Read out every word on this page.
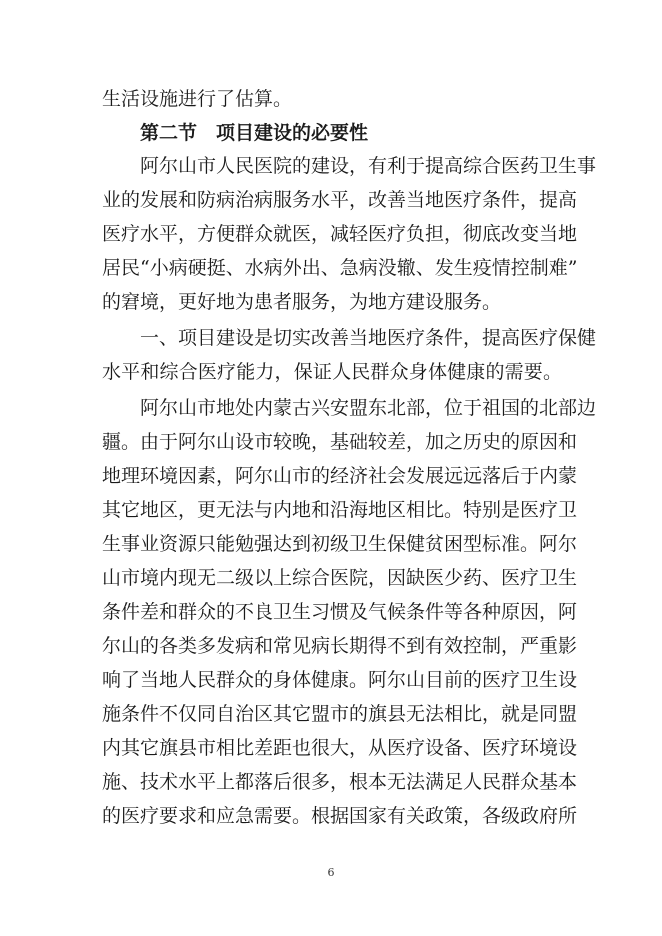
生活设施进行了估算。
第二节　项目建设的必要性
阿尔山市人民医院的建设，有利于提高综合医药卫生事
业的发展和防病治病服务水平，改善当地医疗条件，提高
医疗水平，方便群众就医，减轻医疗负担，彻底改变当地
居民“小病硬挺、水病外出、急病没辙、发生疫情控制难”
的窘境，更好地为患者服务，为地方建设服务。
一、项目建设是切实改善当地医疗条件，提高医疗保健
水平和综合医疗能力，保证人民群众身体健康的需要。
阿尔山市地处内蒙古兴安盟东北部，位于祖国的北部边
疆。由于阿尔山设市较晚，基础较差，加之历史的原因和
地理环境因素，阿尔山市的经济社会发展远远落后于内蒙
其它地区，更无法与内地和沿海地区相比。特别是医疗卫
生事业资源只能勉强达到初级卫生保健贫困型标准。阿尔
山市境内现无二级以上综合医院，因缺医少药、医疗卫生
条件差和群众的不良卫生习惯及气候条件等各种原因，阿
尔山的各类多发病和常见病长期得不到有效控制，严重影
响了当地人民群众的身体健康。阿尔山目前的医疗卫生设
施条件不仅同自治区其它盟市的旗县无法相比，就是同盟
内其它旗县市相比差距也很大，从医疗设备、医疗环境设
施、技术水平上都落后很多，根本无法满足人民群众基本
的医疗要求和应急需要。根据国家有关政策，各级政府所
6
